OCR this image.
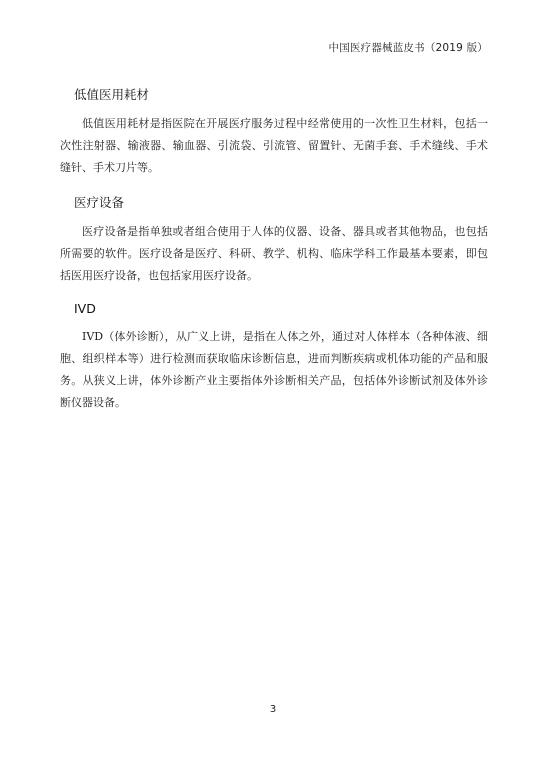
中国医疗器械蓝皮书（2019 版）
低值医用耗材

低值医用耗材是指医院在开展医疗服务过程中经常使用的一次性卫生材料，包括一次性注射器、输液器、输血器、引流袋、引流管、留置针、无菌手套、手术缝线、手术缝针、手术刀片等。

医疗设备

医疗设备是指单独或者组合使用于人体的仪器、设备、器具或者其他物品，也包括所需要的软件。医疗设备是医疗、科研、教学、机构、临床学科工作最基本要素，即包括医用医疗设备，也包括家用医疗设备。

IVD

IVD（体外诊断），从广义上讲，是指在人体之外，通过对人体样本（各种体液、细胞、组织样本等）进行检测而获取临床诊断信息，进而判断疾病或机体功能的产品和服务。从狭义上讲，体外诊断产业主要指体外诊断相关产品，包括体外诊断试剂及体外诊断仪器设备。

3
